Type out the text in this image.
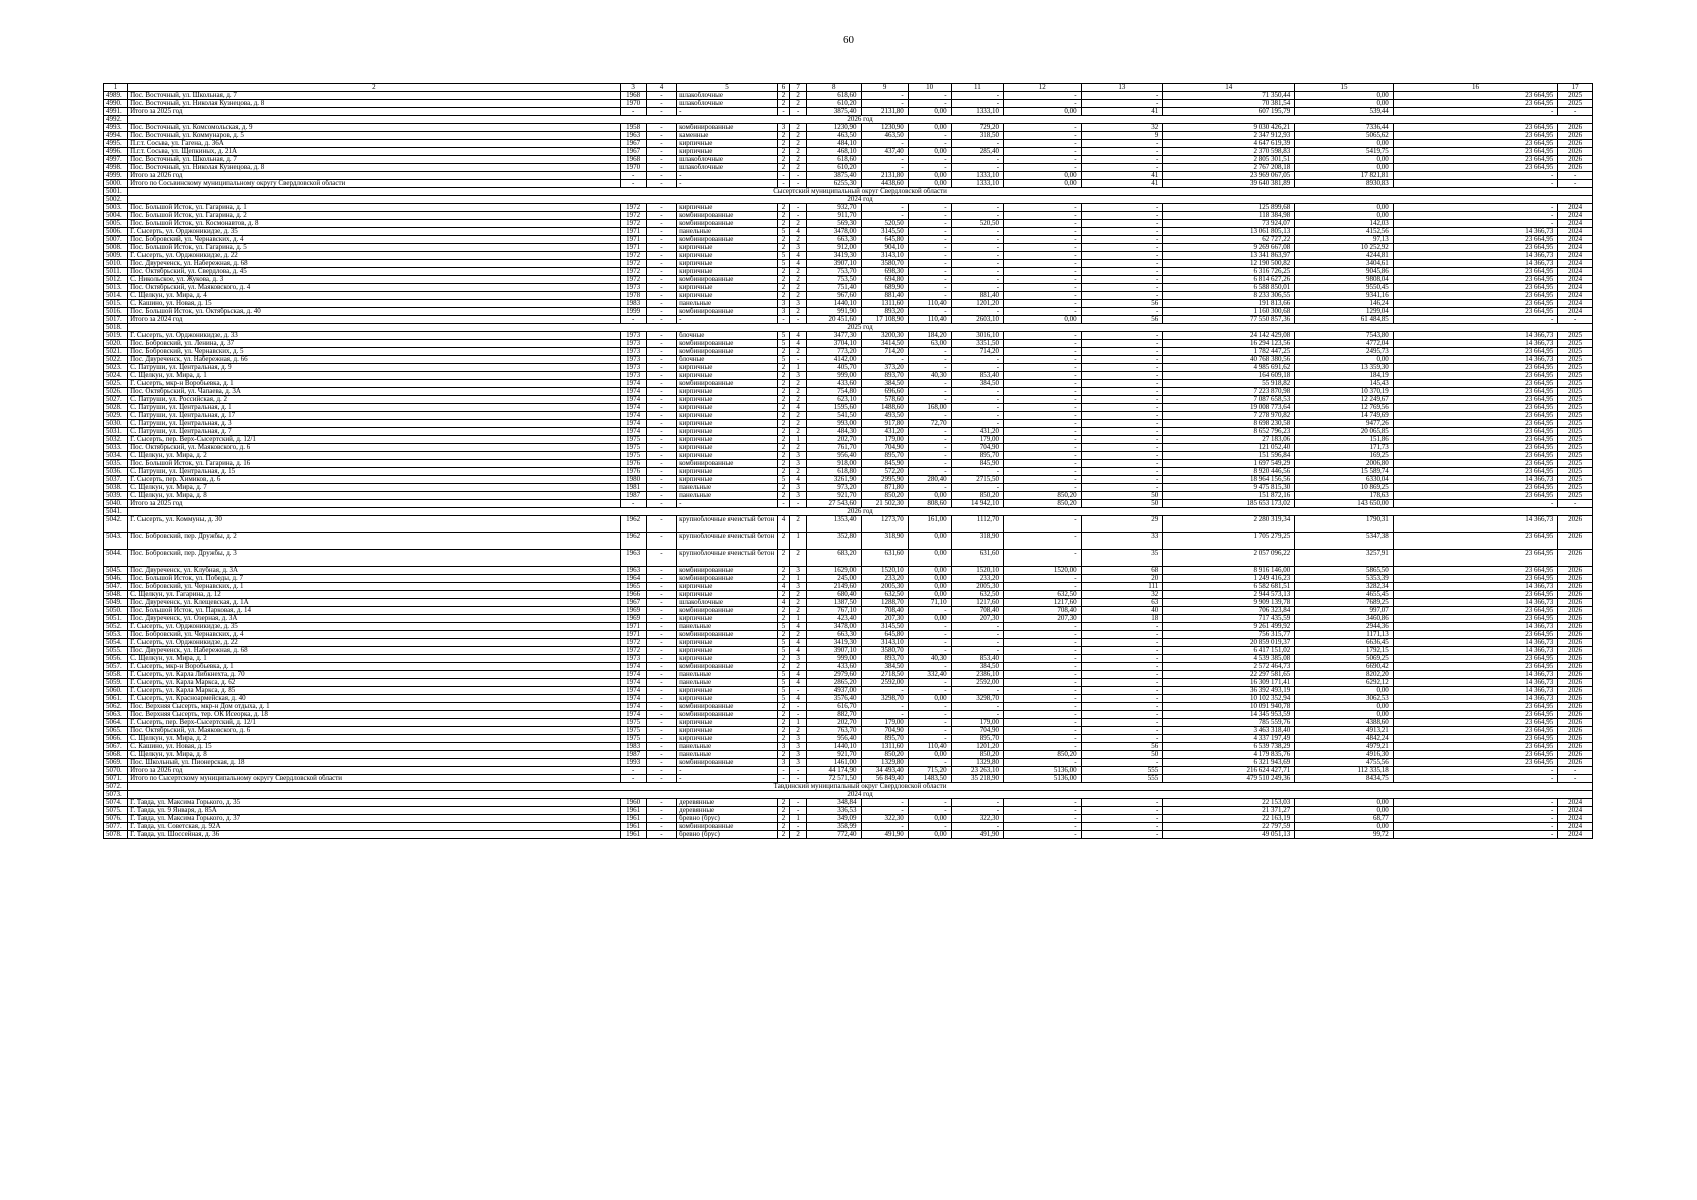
60
1	2	3	4	5	6	7	8	9	10	11	12	13	14	15	16	17
4989.	Пос. Восточный, ул. Школьная, д. 7	1968	-	шлакоблочные	2	2	618,60	-	-	-	-	-	71 350,44	0,00	23 664,95	2025
4990.	Пос. Восточный, ул. Николая Кузнецова, д. 8	1970	-	шлакоблочные	2	2	610,20	-	-	-	-	-	70 381,54	0,00	23 664,95	2025
4991.	Итого за 2025 год	-	-	-	-	-	3875,40	2131,80	0,00	1333,10	0,00	41	607 195,79	539,44	-	-
4992.	2026 год															
4993.	Пос. Восточный, ул. Комсомольская, д. 9	1958	-	комбинированные	3	2	1230,90	1230,90	0,00	729,20	-	32	9 030 426,21	7336,44	23 664,95	2026
4994.	Пос. Восточный, ул. Коммунаров, д. 5	1963	-	каменные	2	2	463,50	463,50	-	318,50	-	9	2 347 912,93	5065,62	23 664,95	2026
4995.	П.г.т. Сосьва, ул. Гагена, д. 36А	1967	-	кирпичные	2	2	484,10	-	-	-	-	-	4 647 619,39	0,00	23 664,95	2026
4996.	П.г.т. Сосьва, ул. Щепкиных, д. 21А	1967	-	кирпичные	2	2	468,10	437,40	0,00	285,40	-	-	2 370 598,83	5419,75	23 664,95	2026
4997.	Пос. Восточный, ул. Школьная, д. 7	1968	-	шлакоблочные	2	2	618,60	-	-	-	-	-	2 805 301,51	0,00	23 664,95	2026
4998.	Пос. Восточный, ул. Николая Кузнецова, д. 8	1970	-	шлакоблочные	2	2	610,20	-	-	-	-	-	2 767 208,18	0,00	23 664,95	2026
4999.	Итого за 2026 год	-	-	-	-	-	3875,40	2131,80	0,00	1333,10	0,00	41	23 969 067,05	17 821,81	-	-
5000.	Итого по Сосьвинскому муниципальному округу Свердловской области	-	-	-	-	-	6255,30	4438,60	0,00	1333,10	0,00	41	39 640 381,89	8930,83	-	-
5001.	Сысертский муниципальный округ Свердловской области															
5002.	2024 год															
5003.	Пос. Большой Исток, ул. Гагарина, д. 1	1972	-	кирпичные	2	-	932,70	-	-	-	-	-	125 899,68	0,00	-	2024
5004.	Пос. Большой Исток, ул. Гагарина, д. 2	1972	-	комбинированные	2	-	911,70	-	-	-	-	-	118 384,98	0,00	-	2024
5005.	Пос. Большой Исток, ул. Космонавтов, д. 8	1972	-	комбинированные	2	2	569,30	520,50	-	520,50	-	-	73 924,07	142,03	-	2024
5006.	Г. Сысерть, ул. Орджоникидзе, д. 35	1971	-	панельные	5	4	3478,00	3145,50	-	-	-	-	13 061 805,13	4152,56	14 366,73	2024
5007.	Пос. Бобровский, ул. Чернавских, д. 4	1971	-	комбинированные	2	2	663,30	645,80	-	-	-	-	62 727,22	97,13	23 664,95	2024
5008.	Пос. Большой Исток, ул. Гагарина, д. 5	1971	-	кирпичные	2	3	912,00	904,10	-	-	-	-	9 269 667,08	10 252,92	23 664,95	2024
5009.	Г. Сысерть, ул. Орджоникидзе, д. 22	1972	-	кирпичные	5	4	3419,30	3143,10	-	-	-	-	13 341 863,97	4244,81	14 366,73	2024
5010.	Пос. Двуреченск, ул. Набережная, д. 68	1972	-	кирпичные	5	4	3907,10	3580,70	-	-	-	-	12 190 500,82	3404,61	14 366,73	2024
5011.	Пос. Октябрьский, ул. Свердлова, д. 45	1972	-	кирпичные	2	2	753,70	698,30	-	-	-	-	6 316 726,25	9045,86	23 664,95	2024
5012.	С. Никольское, ул. Жукова, д. 3	1972	-	комбинированные	2	2	753,50	694,80	-	-	-	-	6 814 627,26	9808,04	23 664,95	2024
5013.	Пос. Октябрьский, ул. Маяковского, д. 4	1973	-	кирпичные	2	2	751,40	689,90	-	-	-	-	6 588 850,01	9550,45	23 664,95	2024
5014.	С. Щелкун, ул. Мира, д. 4	1978	-	кирпичные	2	2	967,60	881,40	-	881,40	-	-	8 233 306,55	9341,16	23 664,95	2024
5015.	С. Кашино, ул. Новая, д. 15	1983	-	панельные	3	3	1440,10	1311,60	110,40	1201,20	-	56	191 813,66	146,24	23 664,95	2024
5016.	Пос. Большой Исток, ул. Октябрьская, д. 40	1999	-	комбинированные	3	2	991,90	893,20	-	-	-	-	1 160 300,68	1299,04	23 664,95	2024
5017.	Итого за 2024 год	-	-	-	-	-	20 451,60	17 108,90	110,40	2603,10	0,00	56	77 550 857,36	61 484,85	-	-
5018.	2025 год															
5019.	Г. Сысерть, ул. Орджоникидзе, д. 33	1973	-	блочные	5	4	3477,30	3200,30	184,20	3016,10	-	-	24 142 429,08	7543,80	14 366,73	2025
5020.	Пос. Бобровский, ул. Ленина, д. 37	1973	-	комбинированные	5	4	3704,10	3414,50	63,00	3351,50	-	-	16 294 123,56	4772,04	14 366,73	2025
5021.	Пос. Бобровский, ул. Чернавских, д. 5	1973	-	комбинированные	2	2	773,20	714,20	-	714,20	-	-	1 782 447,25	2495,73	23 664,95	2025
5022.	Пос. Двуреченск, ул. Набережная, д. 66	1973	-	блочные	5	-	4142,00	-	-	-	-	-	40 768 380,56	0,00	14 366,73	2025
5023.	С. Патруши, ул. Центральная, д. 9	1973	-	кирпичные	2	1	405,70	373,20	-	-	-	-	4 985 691,62	13 359,30	23 664,95	2025
5024.	С. Щелкун, ул. Мира, д. 1	1973	-	кирпичные	2	3	999,00	893,70	40,30	853,40	-	-	164 609,18	184,19	23 664,95	2025
5025.	Г. Сысерть, мкр-н Воробьевка, д. 1	1974	-	комбинированные	2	2	433,60	384,50	-	384,50	-	-	55 918,82	145,43	23 664,95	2025
5026.	Пос. Октябрьский, ул. Чапаева, д. 3А	1974	-	кирпичные	2	2	754,80	696,60	-	-	-	-	7 223 870,98	10 370,19	23 664,95	2025
5027.	С. Патруши, ул. Российская, д. 2	1974	-	кирпичные	2	2	623,10	578,60	-	-	-	-	7 087 658,53	12 249,67	23 664,95	2025
5028.	С. Патруши, ул. Центральная, д. 1	1974	-	кирпичные	2	4	1595,60	1488,60	168,00	-	-	-	19 008 773,64	12 769,56	23 664,95	2025
5029.	С. Патруши, ул. Центральная, д. 17	1974	-	кирпичные	2	2	541,50	493,50	-	-	-	-	7 278 970,82	14 749,69	23 664,95	2025
5030.	С. Патруши, ул. Центральная, д. 3	1974	-	кирпичные	2	2	993,00	917,80	72,70	-	-	-	8 698 230,58	9477,26	23 664,95	2025
5031.	С. Патруши, ул. Центральная, д. 7	1974	-	кирпичные	2	2	484,30	431,20	-	431,20	-	-	8 652 796,23	20 065,85	23 664,95	2025
5032.	Г. Сысерть, пер. Верх-Сысертский, д. 12/1	1975	-	кирпичные	2	1	202,70	179,00	-	179,00	-	-	27 183,06	151,86	23 664,95	2025
5033.	Пос. Октябрьский, ул. Маяковского, д. 6	1975	-	кирпичные	2	2	761,70	704,90	-	704,90	-	-	121 052,40	171,73	23 664,95	2025
5034.	С. Щелкун, ул. Мира, д. 2	1975	-	кирпичные	2	3	956,40	895,70	-	895,70	-	-	151 596,84	169,25	23 664,95	2025
5035.	Пос. Большой Исток, ул. Гагарина, д. 16	1976	-	комбинированные	2	3	918,00	845,90	-	845,90	-	-	1 697 549,29	2006,80	23 664,95	2025
5036.	С. Патруши, ул. Центральная, д. 15	1976	-	кирпичные	2	2	618,80	572,20	-	-	-	-	8 920 446,56	15 589,74	23 664,95	2025
5037.	Г. Сысерть, пер. Химиков, д. 6	1980	-	кирпичные	5	4	3261,90	2995,90	280,40	2715,50	-	-	18 964 156,56	6330,04	14 366,73	2025
5038.	С. Щелкун, ул. Мира, д. 7	1981	-	панельные	2	3	973,20	871,80	-	-	-	-	9 475 815,30	10 869,25	23 664,95	2025
5039.	С. Щелкун, ул. Мира, д. 8	1987	-	панельные	2	3	921,70	850,20	0,00	850,20	850,20	50	151 872,16	178,63	23 664,95	2025
5040.	Итого за 2025 год	-	-	-	-	-	27 543,60	21 502,30	808,60	14 942,10	850,20	50	185 653 173,02	143 650,00	-	-
5041.	2026 год															
5042.	Г. Сысерть, ул. Коммуны, д. 30	1962	-	крупноблочные ячеистый бетон	4	2	1353,40	1273,70	161,00	1112,70	-	29	2 280 319,34	1790,31	14 366,73	2026
5043.	Пос. Бобровский, пер. Дружбы, д. 2	1962	-	крупноблочные ячеистый бетон	2	1	352,80	318,90	0,00	318,90	-	33	1 705 279,25	5347,38	23 664,95	2026
5044.	Пос. Бобровский, пер. Дружбы, д. 3	1963	-	крупноблочные ячеистый бетон	2	2	683,20	631,60	0,00	631,60	-	35	2 057 096,22	3257,91	23 664,95	2026
5045.	Пос. Двуреченск, ул. Клубная, д. 3А	1963	-	комбинированные	2	3	1629,00	1520,10	0,00	1520,10	1520,00	68	8 916 146,00	5865,50	23 664,95	2026
5046.	Пос. Большой Исток, ул. Победы, д. 7	1964	-	комбинированные	2	1	245,00	233,20	0,00	233,20	-	20	1 249 416,23	5353,39	23 664,95	2026
5047.	Пос. Бобровский, ул. Чернавских, д. 1	1965	-	кирпичные	4	3	2149,60	2005,30	0,00	2005,30	-	111	6 582 681,51	3282,34	14 366,73	2026
5048.	С. Щелкун, ул. Гагарина, д. 12	1966	-	кирпичные	2	2	680,40	632,50	0,00	632,50	632,50	32	2 944 573,13	4655,45	23 664,95	2026
5049.	Пос. Двуреченск, ул. Клещевская, д. 1А	1967	-	шлакоблочные	4	2	1387,50	1288,70	71,10	1217,60	1217,60	63	9 909 139,78	7689,25	14 366,73	2026
5050.	Пос. Большой Исток, ул. Парковая, д. 14	1969	-	комбинированные	2	2	767,10	708,40	-	708,40	708,40	40	706 323,84	997,07	23 664,95	2026
5051.	Пос. Двуреченск, ул. Озерная, д. 3А	1969	-	кирпичные	2	1	423,40	207,30	0,00	207,30	207,30	18	717 435,59	3460,86	23 664,95	2026
5052.	Г. Сысерть, ул. Орджоникидзе, д. 35	1971	-	панельные	5	4	3478,00	3145,50	-	-	-	-	9 261 499,92	2944,36	14 366,73	2026
5053.	Пос. Бобровский, ул. Чернавских, д. 4	1971	-	комбинированные	2	2	663,30	645,80	-	-	-	-	756 315,77	1171,13	23 664,95	2026
5054.	Г. Сысерть, ул. Орджоникидзе, д. 22	1972	-	кирпичные	5	4	3419,30	3143,10	-	-	-	-	20 859 019,37	6636,45	14 366,73	2026
5055.	Пос. Двуреченск, ул. Набережная, д. 68	1972	-	кирпичные	5	4	3907,10	3580,70	-	-	-	-	6 417 151,02	1792,15	14 366,73	2026
5056.	С. Щелкун, ул. Мира, д. 1	1973	-	кирпичные	2	3	999,00	893,70	40,30	853,40	-	-	4 539 385,08	5069,25	23 664,95	2026
5057.	Г. Сысерть, мкр-н Воробьевка, д. 1	1974	-	комбинированные	2	2	433,60	384,50	-	384,50	-	-	2 572 464,73	6690,42	23 664,95	2026
5058.	Г. Сысерть, ул. Карла Либкнехта, д. 70	1974	-	панельные	5	4	2979,60	2718,50	332,40	2386,10	-	-	22 297 581,65	8202,20	14 366,73	2026
5059.	Г. Сысерть, ул. Карла Маркса, д. 62	1974	-	панельные	5	4	2865,20	2592,00	-	2592,00	-	-	16 309 171,41	6292,12	14 366,73	2026
5060.	Г. Сысерть, ул. Карла Маркса, д. 85	1974	-	кирпичные	5	-	4937,00	-	-	-	-	-	36 392 493,19	0,00	14 366,73	2026
5061.	Г. Сысерть, ул. Красноармейская, д. 40	1974	-	кирпичные	5	4	3576,40	3298,70	0,00	3298,70	-	-	10 102 352,94	3062,53	14 366,73	2026
5062.	Пос. Верхняя Сысерть, мкр-н Дом отдыха, д. 1	1974	-	комбинированные	2	-	616,70	-	-	-	-	-	10 091 940,78	0,00	23 664,95	2026
5063.	Пос. Верхняя Сысерть, тер. ОК Исеорка, д. 18	1974	-	комбинированные	2	-	882,70	-	-	-	-	-	14 345 953,59	0,00	23 664,95	2026
5064.	Г. Сысерть, пер. Верх-Сысертский, д. 12/1	1975	-	кирпичные	2	1	202,70	179,00	-	179,00	-	-	785 559,76	4388,60	23 664,95	2026
5065.	Пос. Октябрьский, ул. Маяковского, д. 6	1975	-	кирпичные	2	2	763,70	704,90	-	704,90	-	-	3 463 318,40	4913,21	23 664,95	2026
5066.	С. Щелкун, ул. Мира, д. 2	1975	-	кирпичные	2	3	956,40	895,70	-	895,70	-	-	4 337 197,49	4842,24	23 664,95	2026
5067.	С. Кашино, ул. Новая, д. 15	1983	-	панельные	3	3	1440,10	1311,60	110,40	1201,20	-	56	6 539 738,29	4979,21	23 664,95	2026
5068.	С. Щелкун, ул. Мира, д. 8	1987	-	панельные	2	3	921,70	850,20	0,00	850,20	850,20	50	4 179 835,76	4916,30	23 664,95	2026
5069.	Пос. Школьный, ул. Пионерская, д. 18	1993	-	комбинированные	3	3	1461,00	1329,80	-	1329,80	-	-	6 321 943,69	4755,56	23 664,95	2026
5070.	Итого за 2026 год	-	-	-	-	-	44 174,90	34 493,40	715,20	23 263,10	5136,00	555	216 624 427,71	112 335,18	-	-
5071.	Итого по Сысертскому муниципальному округу Свердловской области	-	-	-	-	-	72 571,50	56 849,40	1483,50	35 218,90	5136,00	555	479 510 249,36	8434,75	-	-
5072.	Тавдинский муниципальный округ Свердловской области															
5073.	2024 год															
5074.	Г. Тавда, ул. Максима Горького, д. 35	1960	-	деревянные	2	-	348,84	-	-	-	-	-	22 153,03	0,00	-	2024
5075.	Г. Тавда, ул. 9 Января, д. 85А	1961	-	деревянные	2	-	336,53	-	-	-	-	-	21 371,27	0,00	-	2024
5076.	Г. Тавда, ул. Максима Горького, д. 37	1961	-	бревно (брус)	2	1	349,09	322,30	0,00	322,30	-	-	22 163,19	68,77	-	2024
5077.	Г. Тавда, ул. Советская, д. 92А	1961	-	комбинированные	2	-	358,99	-	-	-	-	-	22 797,59	0,00	-	2024
5078.	Г. Тавда, ул. Шоссейная, д. 36	1961	-	бревно (брус)	2	2	772,40	491,90	0,00	491,90	-	-	49 051,13	99,72	-	2024
